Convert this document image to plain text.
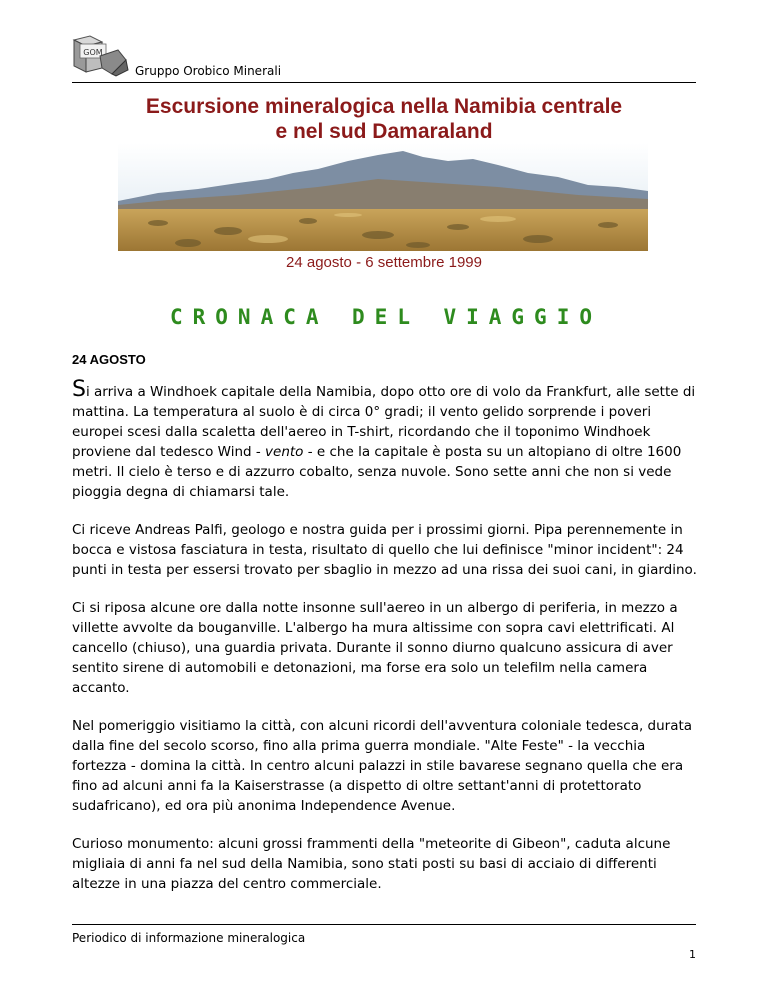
GOM
Gruppo Orobico Minerali
Escursione mineralogica nella Namibia centrale
e nel sud Damaraland
24 agosto - 6 settembre 1999
CRONACA DEL VIAGGIO
24 AGOSTO

Si arriva a Windhoek capitale della Namibia, dopo otto ore di volo da Frankfurt, alle sette di mattina. La temperatura al suolo è di circa 0° gradi; il vento gelido sorprende i poveri europei scesi dalla scaletta dell'aereo in T-shirt, ricordando che il toponimo Windhoek proviene dal tedesco Wind - vento - e che la capitale è posta su un altopiano di oltre 1600 metri. Il cielo è terso e di azzurro cobalto, senza nuvole. Sono sette anni che non si vede pioggia degna di chiamarsi tale.

Ci riceve Andreas Palfi, geologo e nostra guida per i prossimi giorni. Pipa perennemente in bocca e vistosa fasciatura in testa, risultato di quello che lui definisce "minor incident": 24 punti in testa per essersi trovato per sbaglio in mezzo ad una rissa dei suoi cani, in giardino.

Ci si riposa alcune ore dalla notte insonne sull'aereo in un albergo di periferia, in mezzo a villette avvolte da bouganville. L'albergo ha mura altissime con sopra cavi elettrificati. Al cancello (chiuso), una guardia privata. Durante il sonno diurno qualcuno assicura di aver sentito sirene di automobili e detonazioni, ma forse era solo un telefilm nella camera accanto.

Nel pomeriggio visitiamo la città, con alcuni ricordi dell'avventura coloniale tedesca, durata dalla fine del secolo scorso, fino alla prima guerra mondiale. "Alte Feste" - la vecchia fortezza - domina la città. In centro alcuni palazzi in stile bavarese segnano quella che era fino ad alcuni anni fa la Kaiserstrasse (a dispetto di oltre settant'anni di protettorato sudafricano), ed ora più anonima Independence Avenue.

Curioso monumento: alcuni grossi frammenti della "meteorite di Gibeon", caduta alcune migliaia di anni fa nel sud della Namibia, sono stati posti su basi di acciaio di differenti altezze in una piazza del centro commerciale.

Periodico di informazione mineralogica
1
